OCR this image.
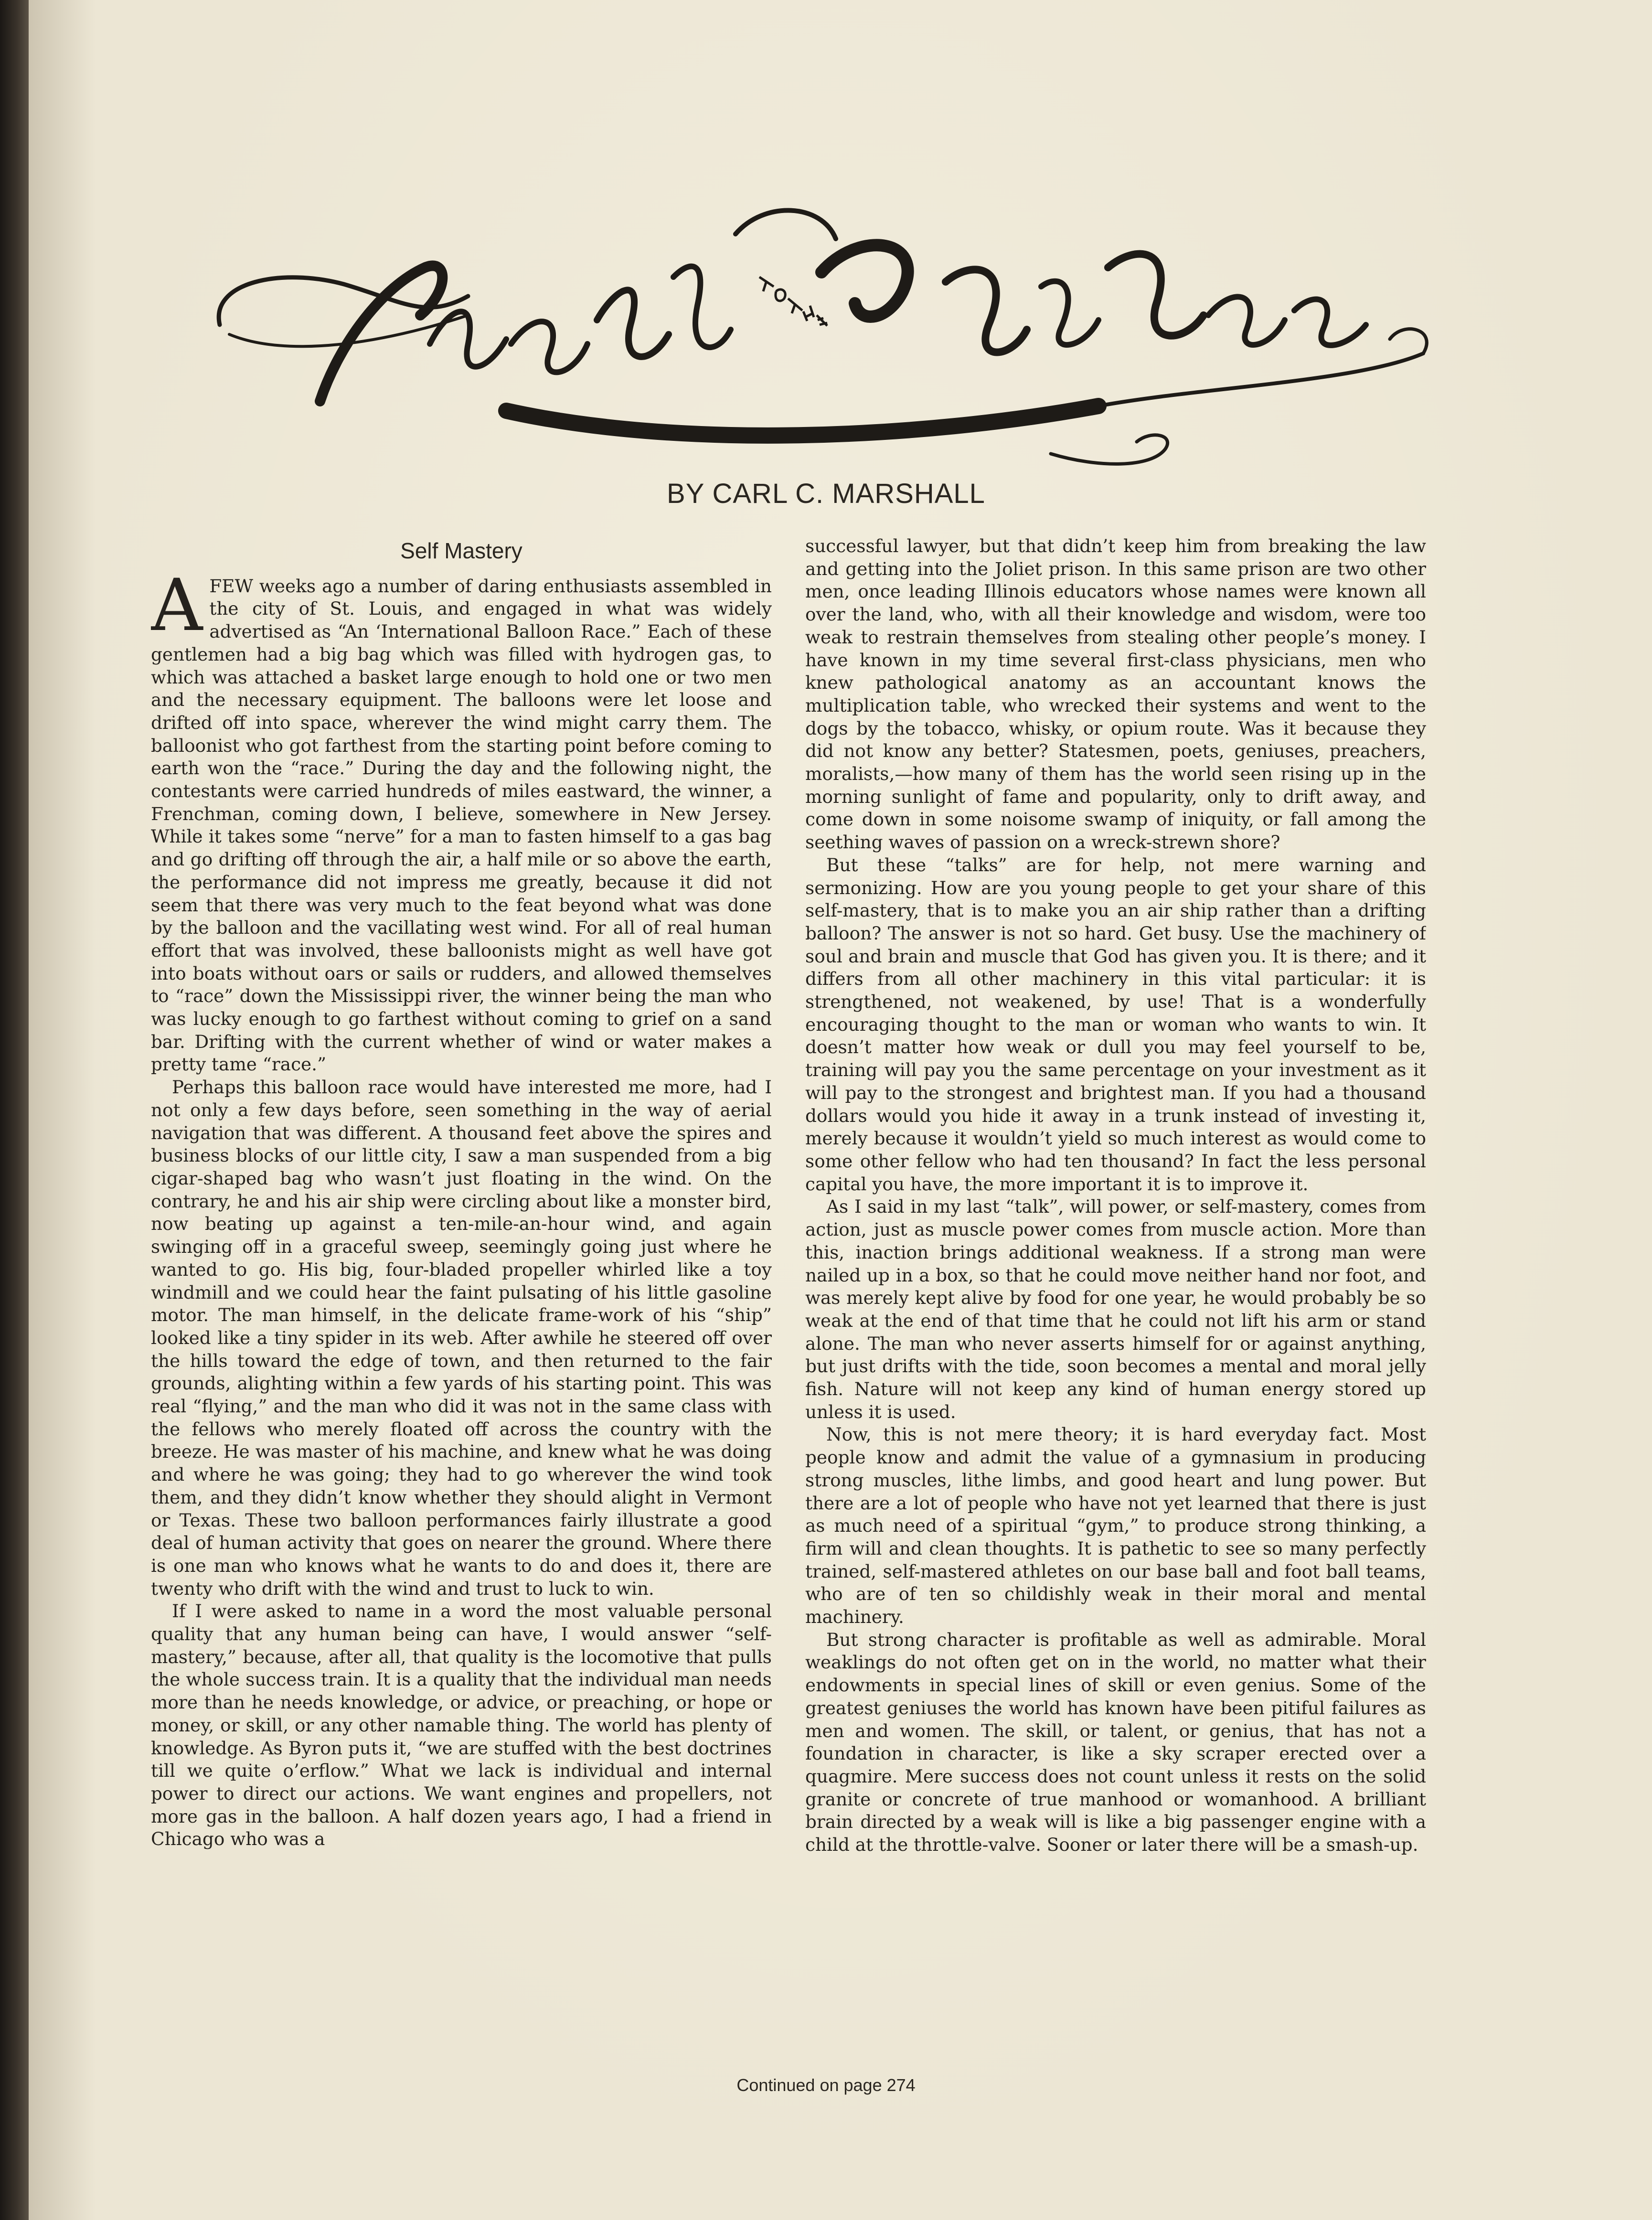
BY CARL C. MARSHALL
Self Mastery

AFEW weeks ago a number of daring enthusiasts assembled in the city of St. Louis, and engaged in what was widely advertised as “An ‘International Balloon Race.” Each of these gentlemen had a big bag which was filled with hydrogen gas, to which was attached a basket large enough to hold one or two men and the necessary equipment. The balloons were let loose and drifted off into space, wherever the wind might carry them. The balloonist who got farthest from the starting point before coming to earth won the “race.” During the day and the following night, the contestants were carried hundreds of miles eastward, the winner, a Frenchman, coming down, I believe, somewhere in New Jersey. While it takes some “nerve” for a man to fasten himself to a gas bag and go drifting off through the air, a half mile or so above the earth, the performance did not impress me greatly, because it did not seem that there was very much to the feat beyond what was done by the balloon and the vacillating west wind. For all of real human effort that was involved, these balloonists might as well have got into boats without oars or sails or rudders, and allowed themselves to “race” down the Mississippi river, the winner being the man who was lucky enough to go farthest without coming to grief on a sand bar. Drifting with the current whether of wind or water makes a pretty tame “race.”

Perhaps this balloon race would have interested me more, had I not only a few days before, seen something in the way of aerial navigation that was different. A thousand feet above the spires and business blocks of our little city, I saw a man suspended from a big cigar-shaped bag who wasn’t just floating in the wind. On the contrary, he and his air ship were circling about like a monster bird, now beating up against a ten-mile-an-hour wind, and again swinging off in a graceful sweep, seemingly going just where he wanted to go. His big, four-bladed propeller whirled like a toy windmill and we could hear the faint pulsating of his little gasoline motor. The man himself, in the delicate frame-work of his “ship” looked like a tiny spider in its web. After awhile he steered off over the hills toward the edge of town, and then returned to the fair grounds, alighting within a few yards of his starting point. This was real “flying,” and the man who did it was not in the same class with the fellows who merely floated off across the country with the breeze. He was master of his machine, and knew what he was doing and where he was going; they had to go wherever the wind took them, and they didn’t know whether they should alight in Vermont or Texas. These two balloon performances fairly illustrate a good deal of human activity that goes on nearer the ground. Where there is one man who knows what he wants to do and does it, there are twenty who drift with the wind and trust to luck to win.

If I were asked to name in a word the most valuable personal quality that any human being can have, I would answer “self-mastery,” because, after all, that quality is the locomotive that pulls the whole success train. It is a quality that the individual man needs more than he needs knowledge, or advice, or preaching, or hope or money, or skill, or any other namable thing. The world has plenty of knowledge. As Byron puts it, “we are stuffed with the best doctrines till we quite o’erflow.” What we lack is individual and internal power to direct our actions. We want engines and propellers, not more gas in the balloon. A half dozen years ago, I had a friend in Chicago who was a

successful lawyer, but that didn’t keep him from breaking the law and getting into the Joliet prison. In this same prison are two other men, once leading Illinois educators whose names were known all over the land, who, with all their knowledge and wisdom, were too weak to restrain themselves from stealing other people’s money. I have known in my time several first-class physicians, men who knew pathological anatomy as an accountant knows the multiplication table, who wrecked their systems and went to the dogs by the tobacco, whisky, or opium route. Was it because they did not know any better? Statesmen, poets, geniuses, preachers, moralists,—how many of them has the world seen rising up in the morning sunlight of fame and popularity, only to drift away, and come down in some noisome swamp of iniquity, or fall among the seething waves of passion on a wreck-strewn shore?

But these “talks” are for help, not mere warning and sermonizing. How are you young people to get your share of this self-mastery, that is to make you an air ship rather than a drifting balloon? The answer is not so hard. Get busy. Use the machinery of soul and brain and muscle that God has given you. It is there; and it differs from all other machinery in this vital particular: it is strengthened, not weakened, by use! That is a wonderfully encouraging thought to the man or woman who wants to win. It doesn’t matter how weak or dull you may feel yourself to be, training will pay you the same percentage on your investment as it will pay to the strongest and brightest man. If you had a thousand dollars would you hide it away in a trunk instead of investing it, merely because it wouldn’t yield so much interest as would come to some other fellow who had ten thousand? In fact the less personal capital you have, the more important it is to improve it.

As I said in my last “talk”, will power, or self-mastery, comes from action, just as muscle power comes from muscle action. More than this, inaction brings additional weakness. If a strong man were nailed up in a box, so that he could move neither hand nor foot, and was merely kept alive by food for one year, he would probably be so weak at the end of that time that he could not lift his arm or stand alone. The man who never asserts himself for or against anything, but just drifts with the tide, soon becomes a mental and moral jelly fish. Nature will not keep any kind of human energy stored up unless it is used.

Now, this is not mere theory; it is hard everyday fact. Most people know and admit the value of a gymnasium in producing strong muscles, lithe limbs, and good heart and lung power. But there are a lot of people who have not yet learned that there is just as much need of a spiritual “gym,” to produce strong thinking, a firm will and clean thoughts. It is pathetic to see so many perfectly trained, self-mastered athletes on our base ball and foot ball teams, who are of ten so childishly weak in their moral and mental machinery.

But strong character is profitable as well as admirable. Moral weaklings do not often get on in the world, no matter what their endowments in special lines of skill or even genius. Some of the greatest geniuses the world has known have been pitiful failures as men and women. The skill, or talent, or genius, that has not a foundation in character, is like a sky scraper erected over a quagmire. Mere success does not count unless it rests on the solid granite or concrete of true manhood or womanhood. A brilliant brain directed by a weak will is like a big passenger engine with a child at the throttle-valve. Sooner or later there will be a smash-up.

Continued on page 274
